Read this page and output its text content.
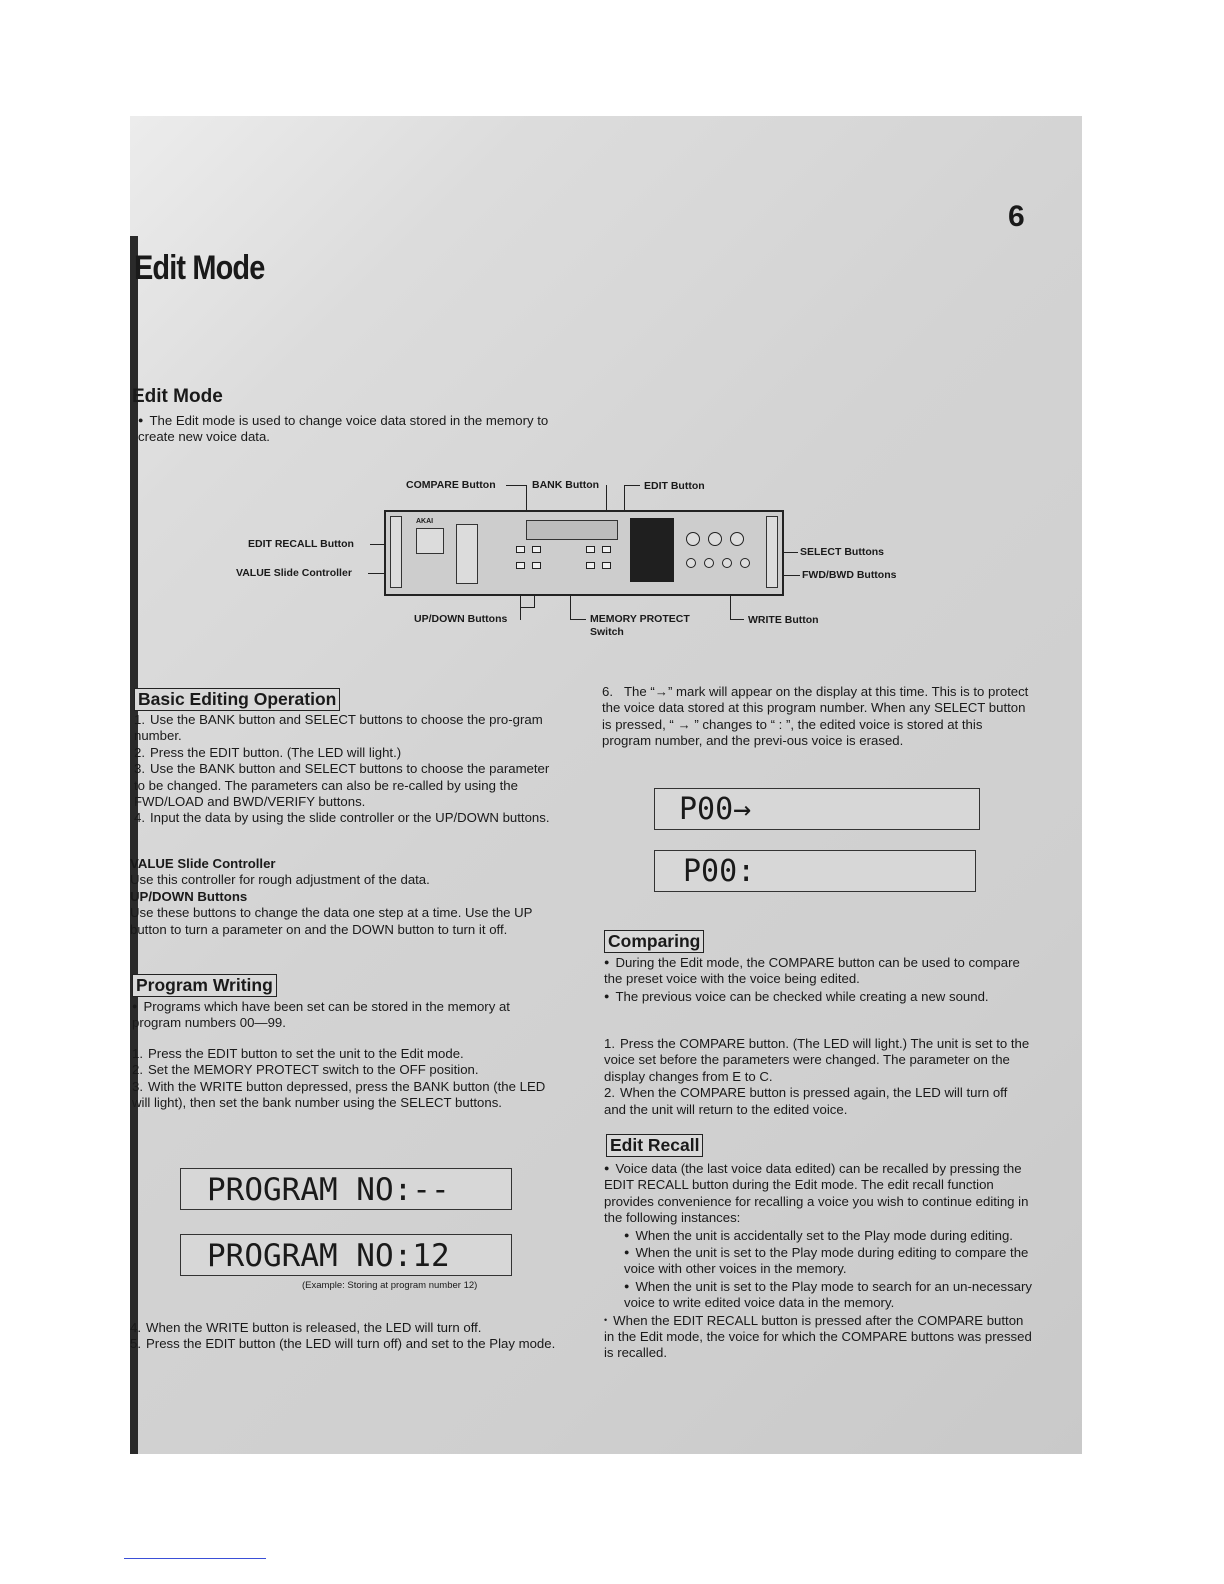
6
Edit Mode
Edit Mode
● The Edit mode is used to change voice data stored in the memory to create new voice data.
COMPARE Button	BANK Button	EDIT Button
EDIT RECALL Button
VALUE Slide Controller
SELECT Buttons
FWD/BWD Buttons
UP/DOWN Buttons	MEMORY PROTECT
Switch
WRITE Button
AKAI
Basic Editing Operation
1. Use the BANK button and SELECT buttons to choose the pro-gram number.
2. Press the EDIT button. (The LED will light.)
3. Use the BANK button and SELECT buttons to choose the parameter to be changed. The parameters can also be re-called by using the FWD/LOAD and BWD/VERIFY buttons.
4. Input the data by using the slide controller or the UP/DOWN buttons.
VALUE Slide Controller
Use this controller for rough adjustment of the data.
UP/DOWN Buttons
Use these buttons to change the data one step at a time. Use the UP button to turn a parameter on and the DOWN button to turn it off.
Program Writing
● Programs which have been set can be stored in the memory at program numbers 00—99.
1. Press the EDIT button to set the unit to the Edit mode.
2. Set the MEMORY PROTECT switch to the OFF position.
3. With the WRITE button depressed, press the BANK button (the LED will light), then set the bank number using the SELECT buttons.
PROGRAM NO:--
PROGRAM NO:12
(Example: Storing at program number 12)
4. When the WRITE button is released, the LED will turn off.
5. Press the EDIT button (the LED will turn off) and set to the Play mode.
6. The “→” mark will appear on the display at this time. This is to protect the voice data stored at this program number. When any SELECT button is pressed, “ → ” changes to “ : ”, the edited voice is stored at this program number, and the previ-ous voice is erased.
P00→
P00:
Comparing
● During the Edit mode, the COMPARE button can be used to compare the preset voice with the voice being edited.
● The previous voice can be checked while creating a new sound.
1. Press the COMPARE button. (The LED will light.) The unit is set to the voice set before the parameters were changed. The parameter on the display changes from E to C.
2. When the COMPARE button is pressed again, the LED will turn off and the unit will return to the edited voice.
Edit Recall
● Voice data (the last voice data edited) can be recalled by pressing the EDIT RECALL button during the Edit mode. The edit recall function provides convenience for recalling a voice you wish to continue editing in the following instances:
● When the unit is accidentally set to the Play mode during editing.
● When the unit is set to the Play mode during editing to compare the voice with other voices in the memory.
● When the unit is set to the Play mode to search for an un-necessary voice to write edited voice data in the memory.
• When the EDIT RECALL button is pressed after the COMPARE button in the Edit mode, the voice for which the COMPARE buttons was pressed is recalled.
